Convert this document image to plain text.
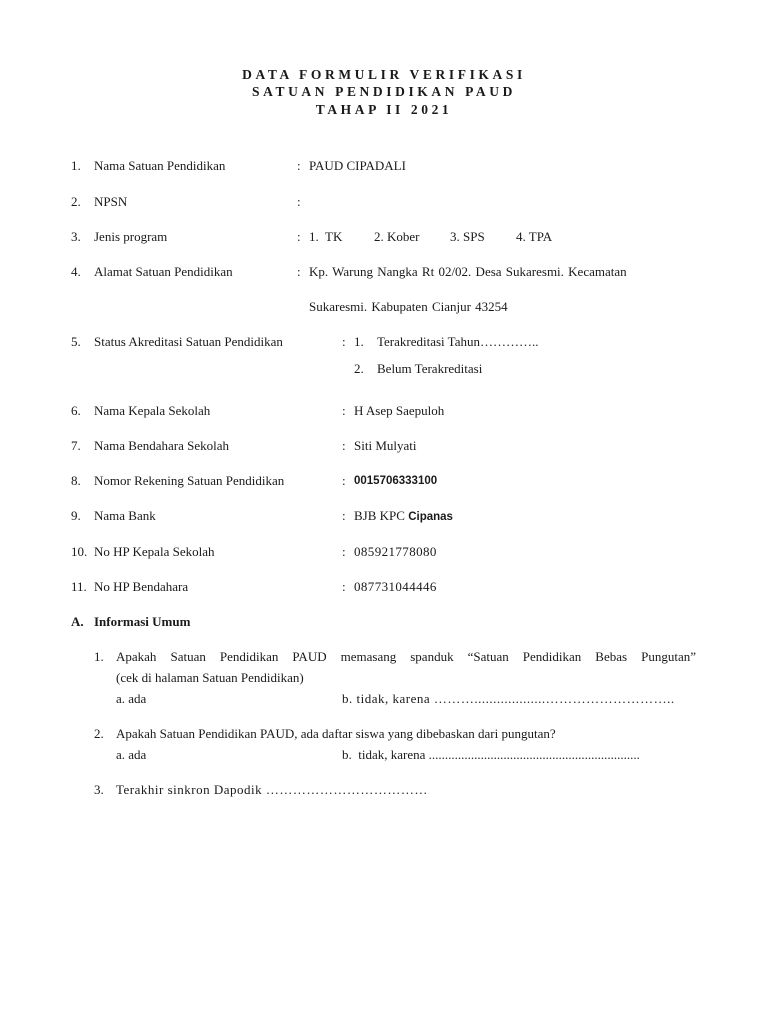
DATA FORMULIR VERIFIKASI
SATUAN PENDIDIKAN PAUD
TAHAP II 2021
1. Nama Satuan Pendidikan	: PAUD CIPADALI
2. NPSN	:
3. Jenis program	: 1.  TK 2. Kober 3. SPS 4. TPA
4. Alamat Satuan Pendidikan	: Kp. Warung Nangka Rt 02/02. Desa Sukaresmi. Kecamatan
Sukaresmi. Kabupaten Cianjur 43254
5. Status Akreditasi Satuan Pendidikan	: 1. Terakreditasi Tahun…………..
2. Belum Terakreditasi
6. Nama Kepala Sekolah	: H Asep Saepuloh
7. Nama Bendahara Sekolah	: Siti Mulyati
8. Nomor Rekening Satuan Pendidikan	: 0015706333100
9. Nama Bank	: BJB KPC Cipanas
10. No HP Kepala Sekolah	: 085921778080
11. No HP Bendahara	: 087731044446
A. Informasi Umum
1. Apakah Satuan Pendidikan PAUD memasang spanduk “Satuan Pendidikan Bebas Pungutan”
(cek di halaman Satuan Pendidikan)
a. ada	b. tidak, karena ………...................………………………..
2. Apakah Satuan Pendidikan PAUD, ada daftar siswa yang dibebaskan dari pungutan?
a. ada	b.  tidak, karena .................................................................
3. Terakhir sinkron Dapodik ………………………………
